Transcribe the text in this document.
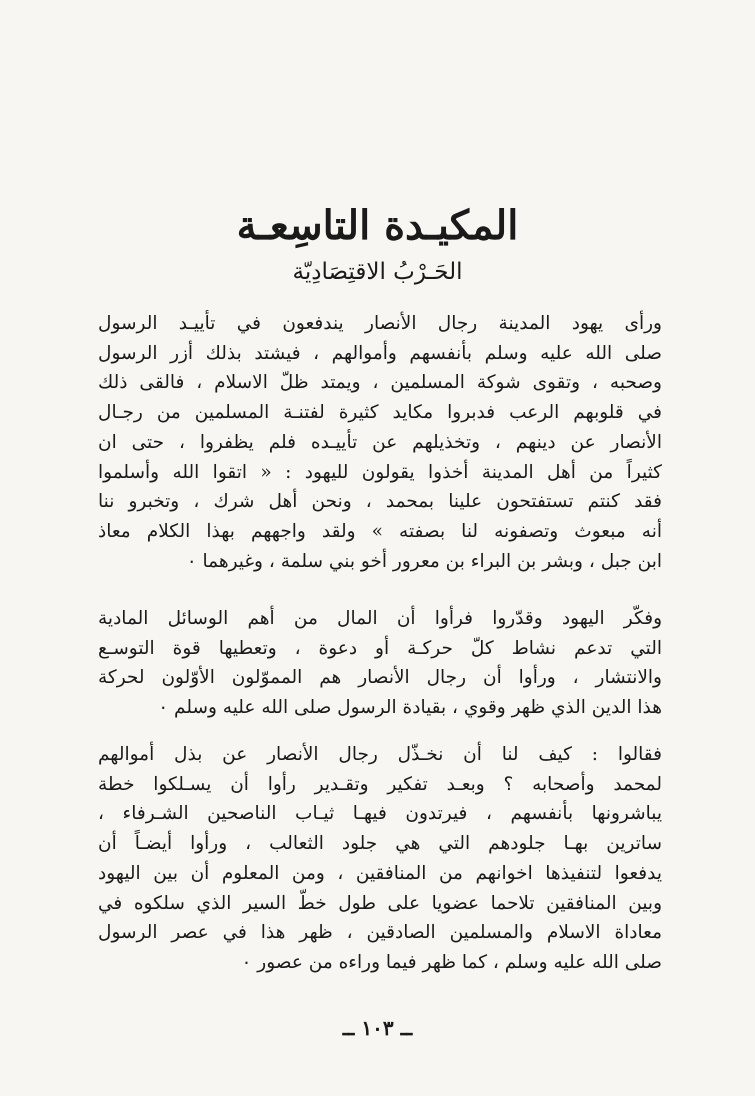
المكيـدة التاسِعـة
الحَـرْبُ الاقتِصَادِيّة
ورأى يهود المدينة رجال الأنصار يندفعون في تأييـد الرسول
صلى الله عليه وسلم بأنفسهم وأموالهم ، فيشتد بذلك أزر الرسول
وصحبه ، وتقوى شوكة المسلمين ، ويمتد ظلّ الاسلام ، فالقى ذلك
في قلوبهم الرعب فدبروا مكايد كثيرة لفتنـة المسلمين من رجـال
الأنصار عن دينهم ، وتخذيلهم عن تأييـده فلم يظفروا ، حتى ان
كثيراً من أهل المدينة أخذوا يقولون لليهود : « اتقوا الله وأسلموا
فقد كنتم تستفتحون علينا بمحمد ، ونحن أهل شرك ، وتخبرو ننا
أنه مبعوث وتصفونه لنا بصفته » ولقد واجههم بهذا الكلام معاذ
ابن جبل ، وبشر بن البراء بن معرور أخو بني سلمة ، وغيرهما ٠
وفكّر اليهود وقدّروا فرأوا أن المال من أهم الوسائل المادية
التي تدعم نشاط كلّ حركـة أو دعوة ، وتعطيها قوة التوسـع
والانتشار ، ورأوا أن رجال الأنصار هم المموّلون الأوّلون لحركة
هذا الدين الذي ظهر وقوي ، بقيادة الرسول صلى الله عليه وسلم ٠
فقالوا : كيف لنا أن نخـذّل رجال الأنصار عن بذل أموالهم
لمحمد وأصحابه ؟ وبعـد تفكير وتقـدير رأوا أن يسـلكوا خطة
يباشرونها بأنفسهم ، فيرتدون فيهـا ثيـاب الناصحين الشـرفاء ،
ساترين بهـا جلودهم التي هي جلود الثعالب ، ورأوا أيضـاً أن
يدفعوا لتنفيذها اخوانهم من المنافقين ، ومن المعلوم أن بين اليهود
وبين المنافقين تلاحما عضويا على طول خطّ السير الذي سلكوه في
معاداة الاسلام والمسلمين الصادقين ، ظهر هذا في عصر الرسول
صلى الله عليه وسلم ، كما ظهر فيما وراءه من عصور ٠
ــ ١٠٣ ــ
